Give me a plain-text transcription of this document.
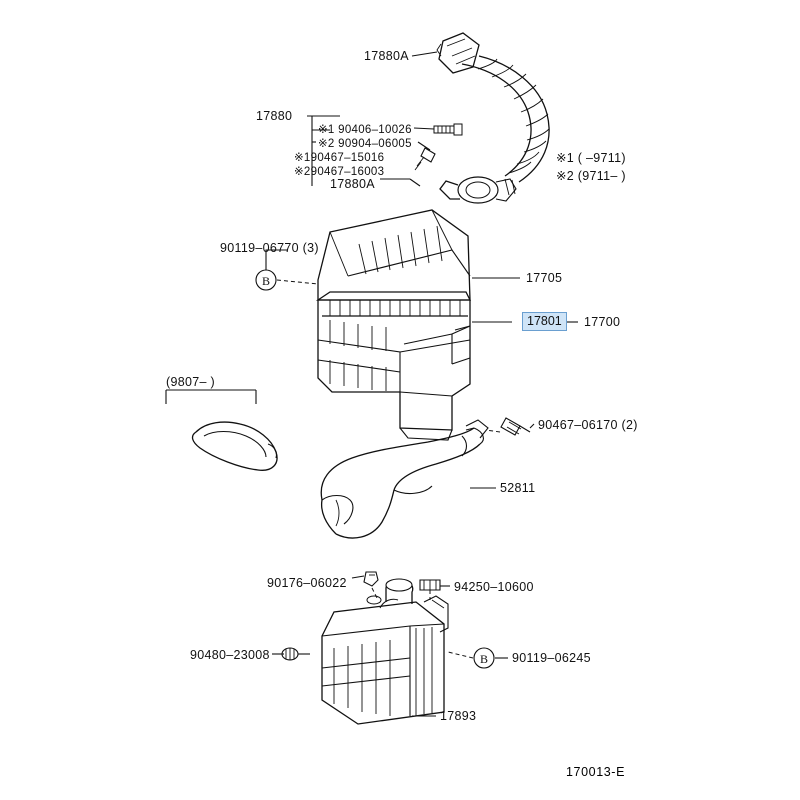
B
B
17880A
17880
※1 90406–10026
※2 90904–06005
※190467–15016
※290467–16003
17880A
※1 ( –9711)
※2 (9711– )
90119–06770 (3)
17705
17801	17700
(9807– )
90467–06170 (2)
52811
90176–06022	94250–10600
90480–23008	90119–06245
17893
170013-E
